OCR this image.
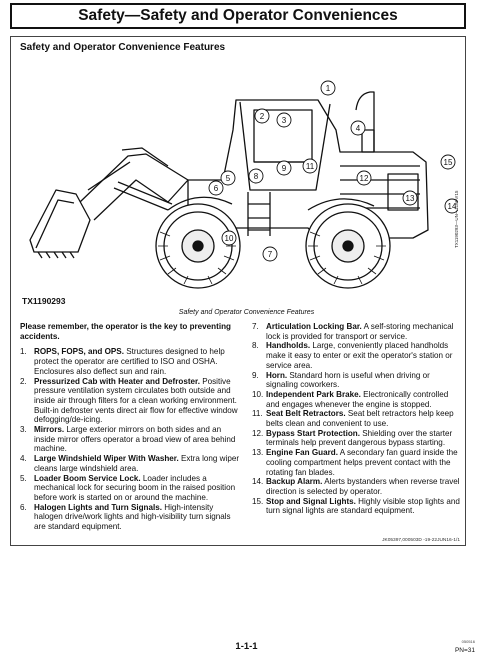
Safety—Safety and Operator Conveniences
Safety and Operator Convenience Features
1
2 3
4
5
6
7
8
9
10
11
12
13
14
15
TX1190293
TX1190293—UN—11MAY15
Safety and Operator Convenience Features
Please remember, the operator is the key to preventing accidents.
1. ROPS, FOPS, and OPS. Structures designed to help protect the operator are certified to ISO and OSHA. Enclosures also deflect sun and rain.
2. Pressurized Cab with Heater and Defroster. Positive pressure ventilation system circulates both outside and inside air through filters for a clean working environment. Built-in defroster vents direct air flow for effective window defogging/de-icing.
3. Mirrors. Large exterior mirrors on both sides and an inside mirror offers operator a broad view of area behind machine.
4. Large Windshield Wiper With Washer. Extra long wiper cleans large windshield area.
5. Loader Boom Service Lock. Loader includes a mechanical lock for securing boom in the raised position before work is started on or around the machine.
6. Halogen Lights and Turn Signals. High-intensity halogen drive/work lights and high-visibility turn signals are standard equipment.
7. Articulation Locking Bar. A self-storing mechanical lock is provided for transport or service.
8. Handholds. Large, conveniently placed handholds make it easy to enter or exit the operator's station or service area.
9. Horn. Standard horn is useful when driving or signaling coworkers.
10. Independent Park Brake. Electronically controlled and engages whenever the engine is stopped.
11. Seat Belt Retractors. Seat belt retractors help keep belts clean and convenient to use.
12. Bypass Start Protection. Shielding over the starter terminals help prevent dangerous bypass starting.
13. Engine Fan Guard. A secondary fan guard inside the cooling compartment helps prevent contact with the rotating fan blades.
14. Backup Alarm. Alerts bystanders when reverse travel direction is selected by operator.
15. Stop and Signal Lights. Highly visible stop lights and turn signal lights are standard equipment.
JK05397,000503D -19-22JUN16-1/1
1-1-1	050516
PN=31
